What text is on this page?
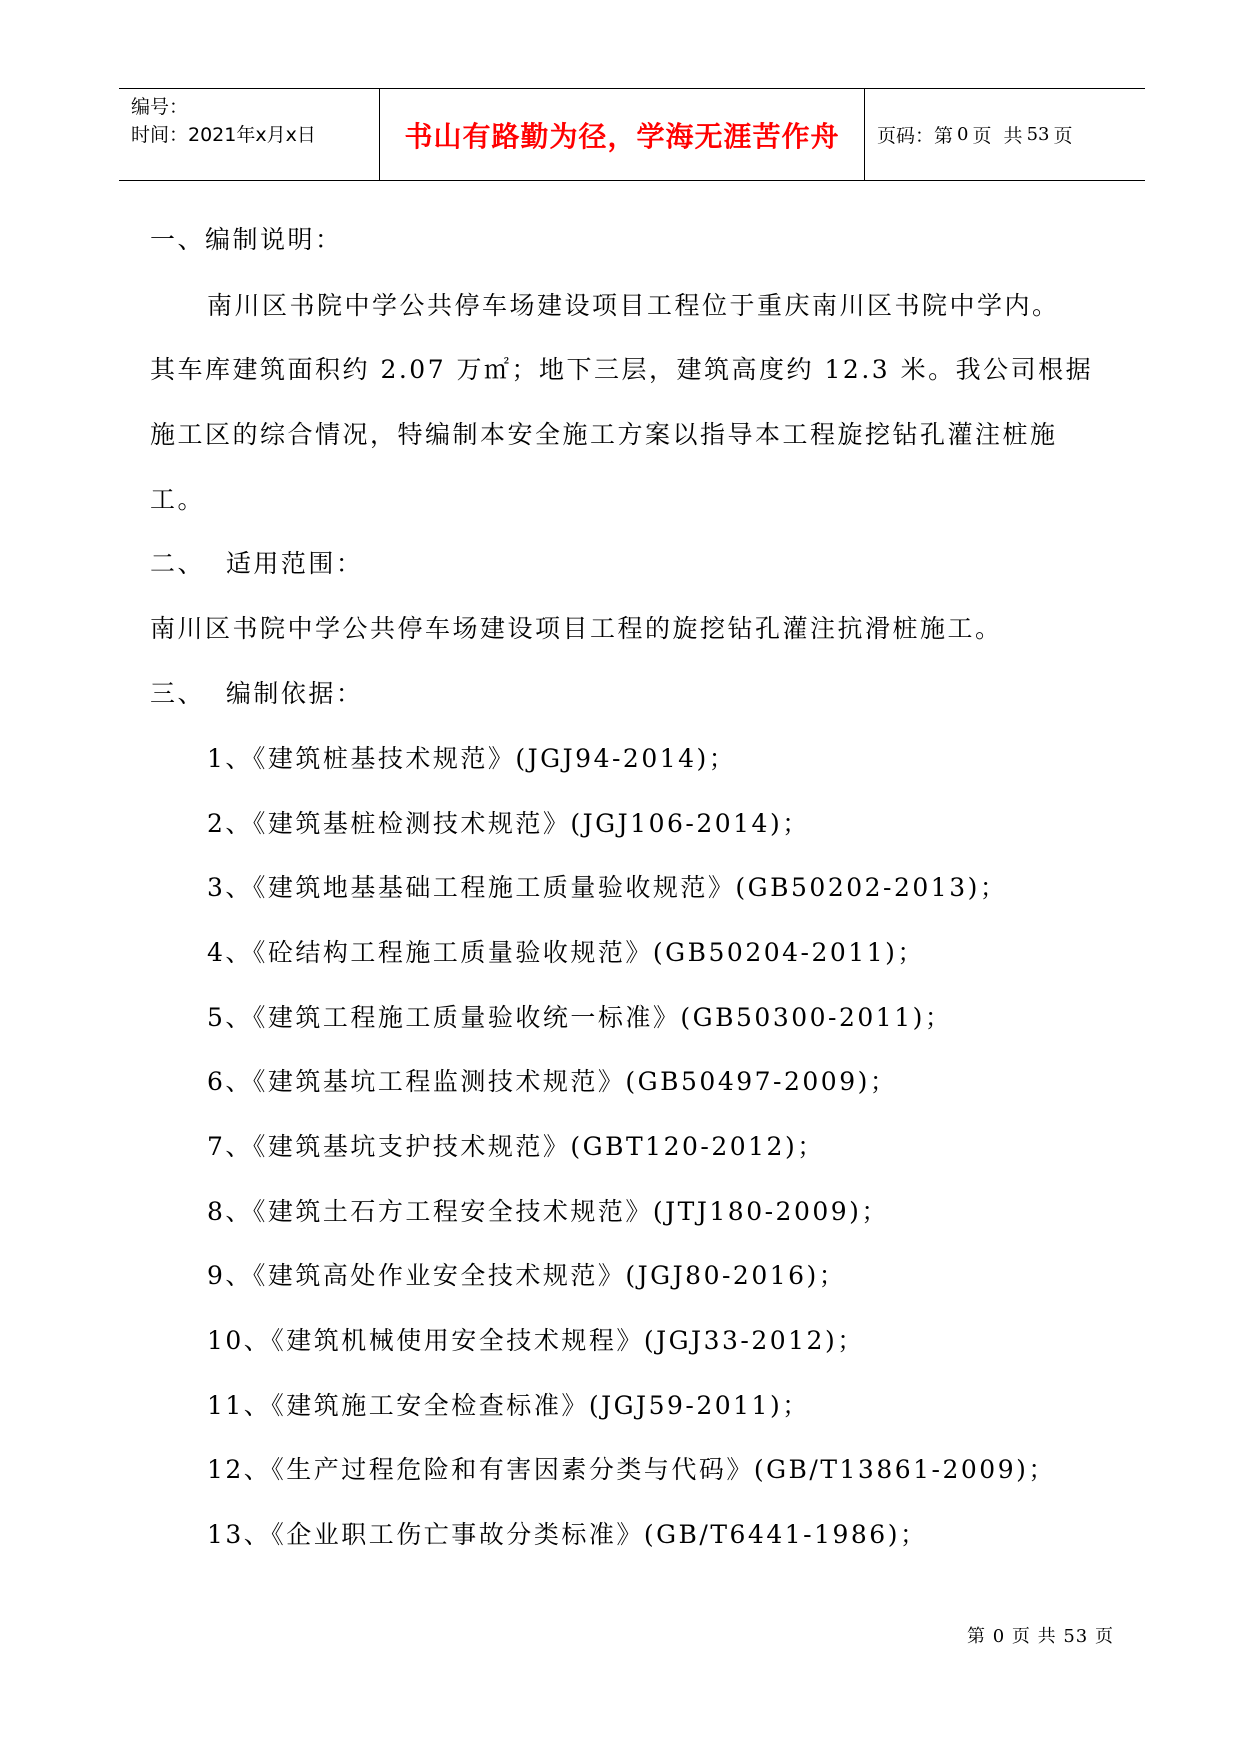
编号：
时间：2021年x月x日	书山有路勤为径，学海无涯苦作舟	页码：第 0 页  共 53 页
一、编制说明：
南川区书院中学公共停车场建设项目工程位于重庆南川区书院中学内。
其车库建筑面积约 2.07 万㎡；地下三层，建筑高度约 12.3 米。我公司根据
施工区的综合情况，特编制本安全施工方案以指导本工程旋挖钻孔灌注桩施
工。
二、  适用范围：
南川区书院中学公共停车场建设项目工程的旋挖钻孔灌注抗滑桩施工。
三、  编制依据：
1、《建筑桩基技术规范》(JGJ94-2014)；
2、《建筑基桩检测技术规范》(JGJ106-2014)；
3、《建筑地基基础工程施工质量验收规范》(GB50202-2013)；
4、《砼结构工程施工质量验收规范》(GB50204-2011)；
5、《建筑工程施工质量验收统一标准》(GB50300-2011)；
6、《建筑基坑工程监测技术规范》(GB50497-2009)；
7、《建筑基坑支护技术规范》(GBT120-2012)；
8、《建筑土石方工程安全技术规范》(JTJ180-2009)；
9、《建筑高处作业安全技术规范》(JGJ80-2016)；
10、《建筑机械使用安全技术规程》(JGJ33-2012)；
11、《建筑施工安全检查标准》(JGJ59-2011)；
12、《生产过程危险和有害因素分类与代码》(GB/T13861-2009)；
13、《企业职工伤亡事故分类标准》(GB/T6441-1986)；
第 0 页 共 53 页
